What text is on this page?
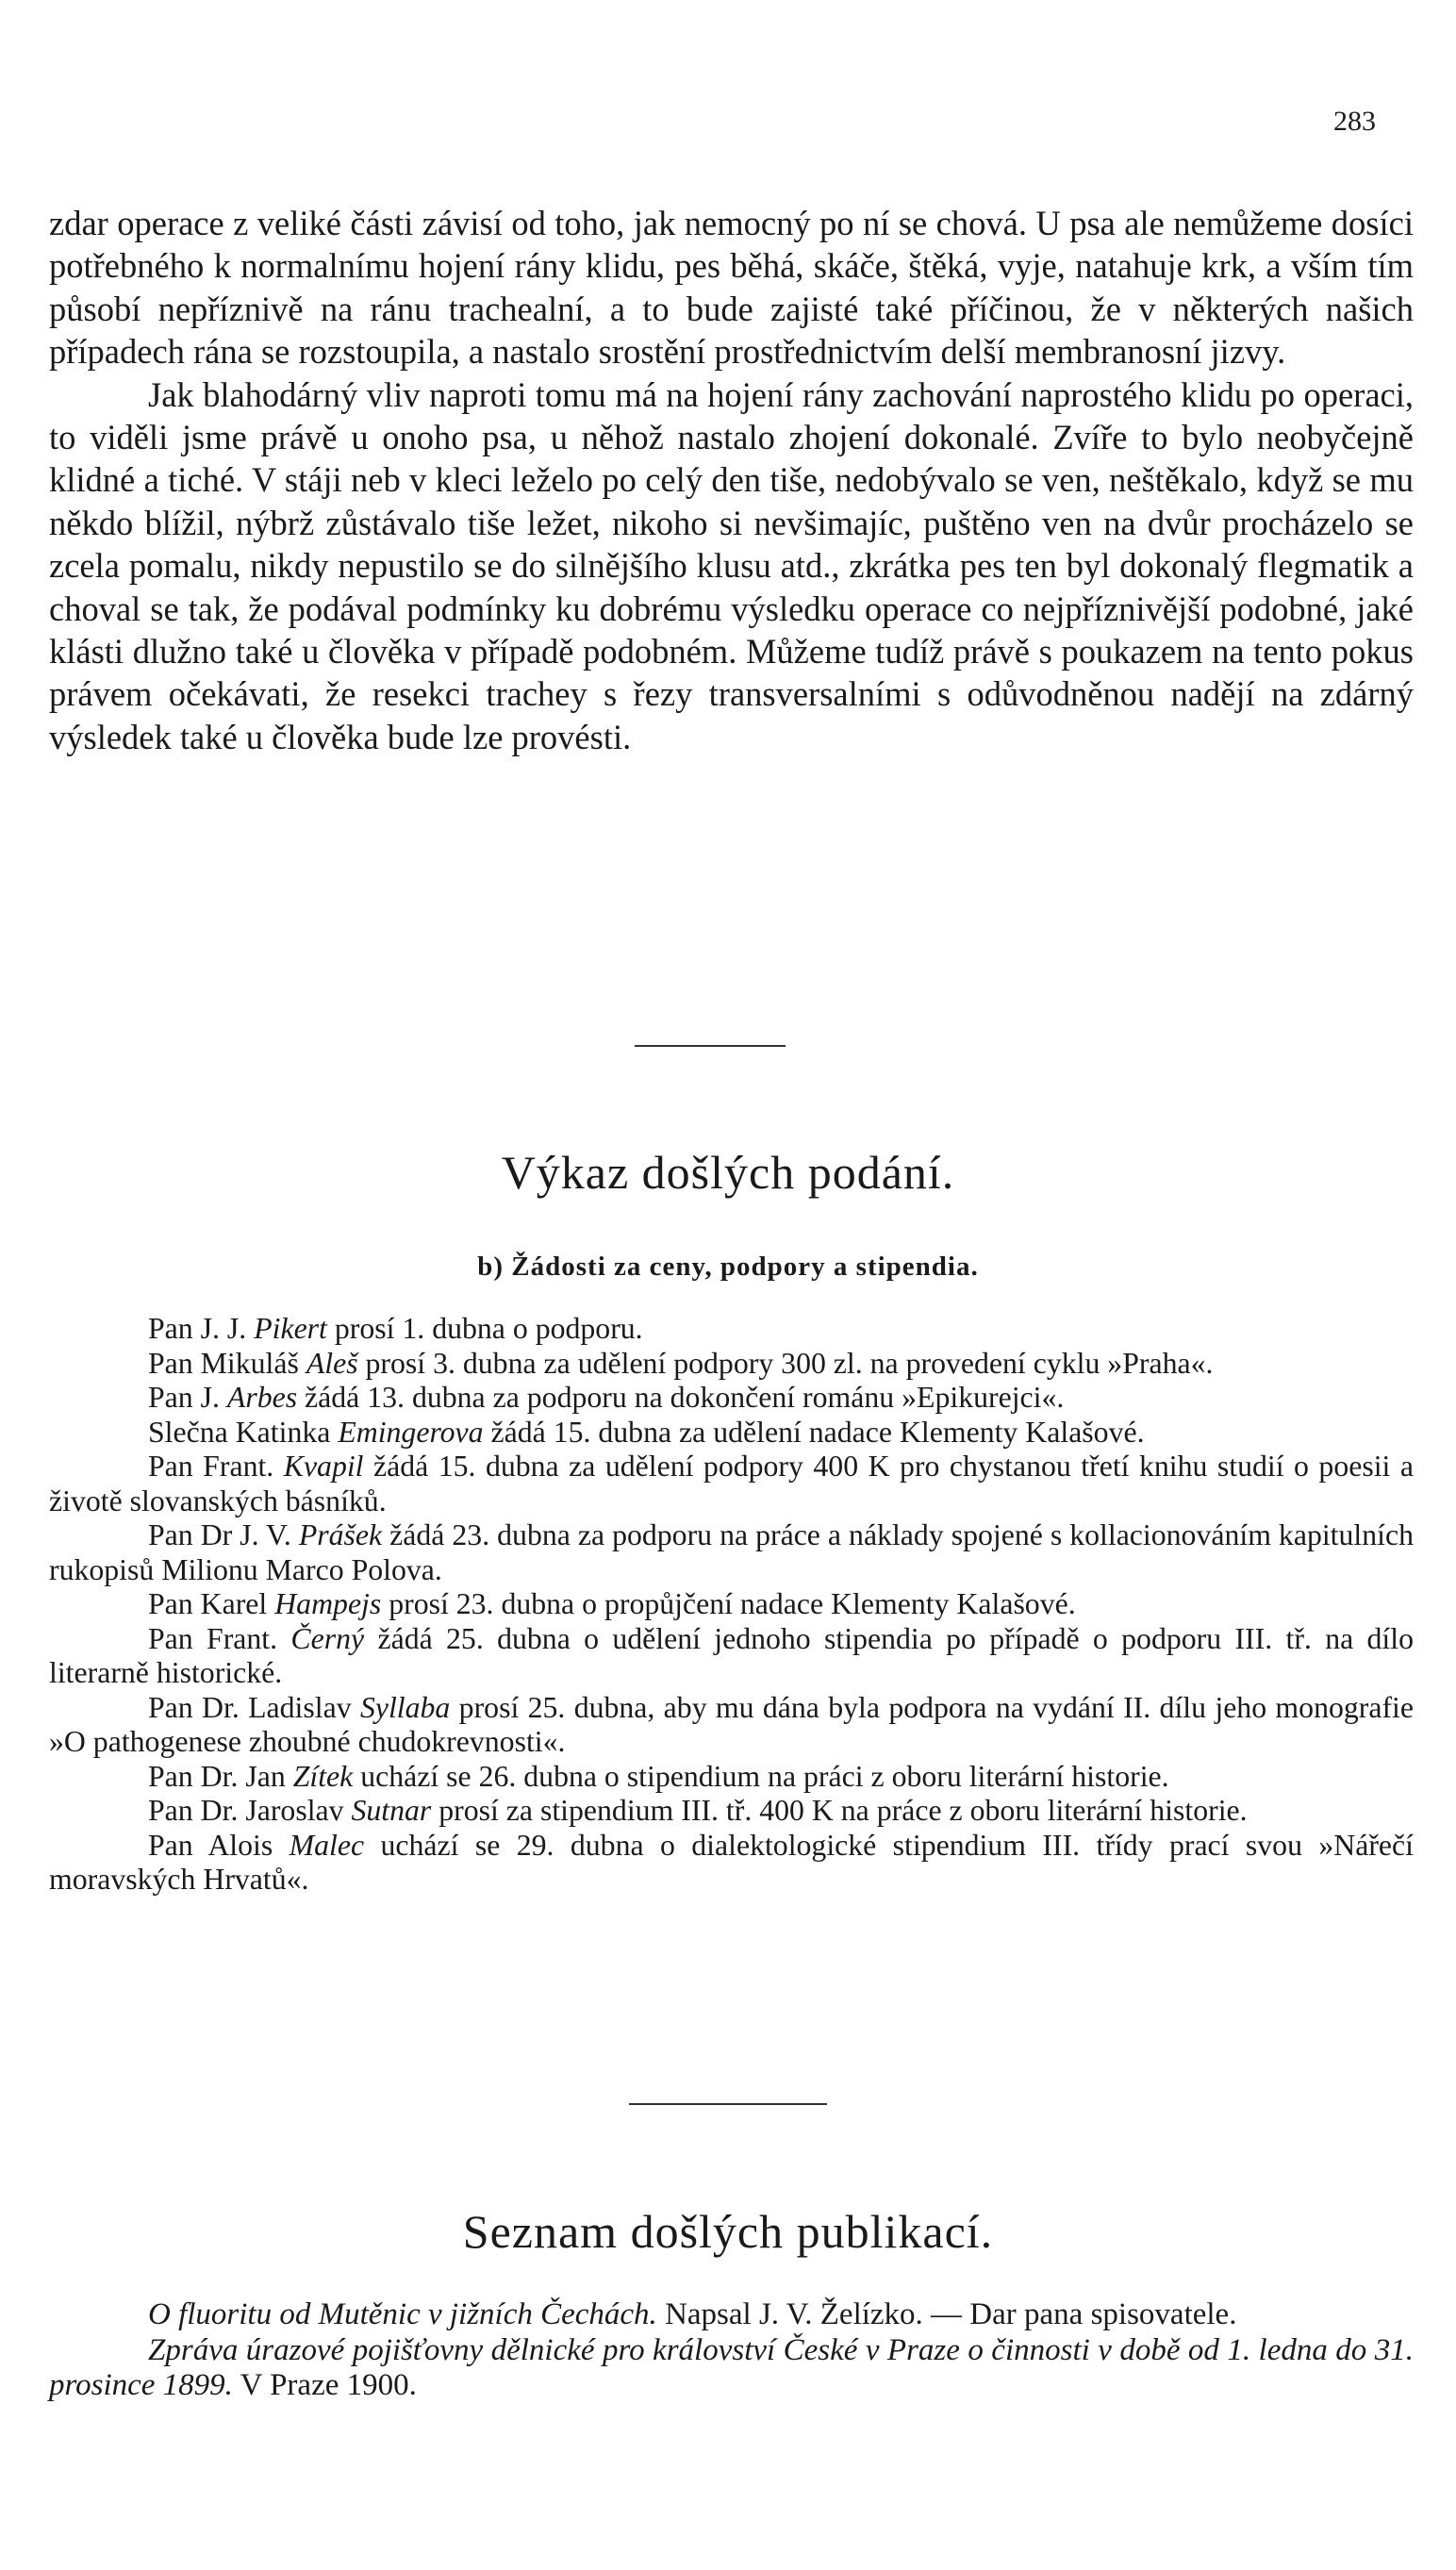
283

zdar operace z veliké části závisí od toho, jak nemocný po ní se chová. U psa ale nemůžeme dosíci potřebného k normalnímu hojení rány klidu, pes běhá, skáče, štěká, vyje, natahuje krk, a vším tím působí nepříznivě na ránu trachealní, a to bude zajisté také příčinou, že v některých našich případech rána se rozstoupila, a nastalo srostění prostřednictvím delší membranosní jizvy.

Jak blahodárný vliv naproti tomu má na hojení rány zachování naprostého klidu po operaci, to viděli jsme právě u onoho psa, u něhož nastalo zhojení dokonalé. Zvíře to bylo neobyčejně klidné a tiché. V stáji neb v kleci leželo po celý den tiše, nedobývalo se ven, neštěkalo, když se mu někdo blížil, nýbrž zůstávalo tiše ležet, nikoho si nevšimajíc, puštěno ven na dvůr procházelo se zcela pomalu, nikdy nepustilo se do silnějšího klusu atd., zkrátka pes ten byl dokonalý flegmatik a choval se tak, že podával podmínky ku dobrému výsledku operace co nejpříznivější podobné, jaké klásti dlužno také u člověka v případě podobném. Můžeme tudíž právě s poukazem na tento pokus právem očekávati, že resekci trachey s řezy transversalními s odůvodněnou nadějí na zdárný výsledek také u člověka bude lze provésti.

Výkaz došlých podání.
b) Žádosti za ceny, podpory a stipendia.

Pan J. J. Pikert prosí 1. dubna o podporu.

Pan Mikuláš Aleš prosí 3. dubna za udělení podpory 300 zl. na provedení cyklu »Praha«.

Pan J. Arbes žádá 13. dubna za podporu na dokončení románu »Epikurejci«.

Slečna Katinka Emingerova žádá 15. dubna za udělení nadace Klementy Kalašové.

Pan Frant. Kvapil žádá 15. dubna za udělení podpory 400 K pro chystanou třetí knihu studií o poesii a životě slovanských básníků.

Pan Dr J. V. Prášek žádá 23. dubna za podporu na práce a náklady spojené s kollacionováním kapitulních rukopisů Milionu Marco Polova.

Pan Karel Hampejs prosí 23. dubna o propůjčení nadace Klementy Kalašové.

Pan Frant. Černý žádá 25. dubna o udělení jednoho stipendia po případě o podporu III. tř. na dílo literarně historické.

Pan Dr. Ladislav Syllaba prosí 25. dubna, aby mu dána byla podpora na vydání II. dílu jeho monografie »O pathogenese zhoubné chudokrevnosti«.

Pan Dr. Jan Zítek uchází se 26. dubna o stipendium na práci z oboru literární historie.

Pan Dr. Jaroslav Sutnar prosí za stipendium III. tř. 400 K na práce z oboru literární historie.

Pan Alois Malec uchází se 29. dubna o dialektologické stipendium III. třídy prací svou »Nářečí moravských Hrvatů«.

Seznam došlých publikací.

O fluoritu od Mutěnic v jižních Čechách. Napsal J. V. Želízko. — Dar pana spisovatele.

Zpráva úrazové pojišťovny dělnické pro království České v Praze o činnosti v době od 1. ledna do 31. prosince 1899. V Praze 1900.
